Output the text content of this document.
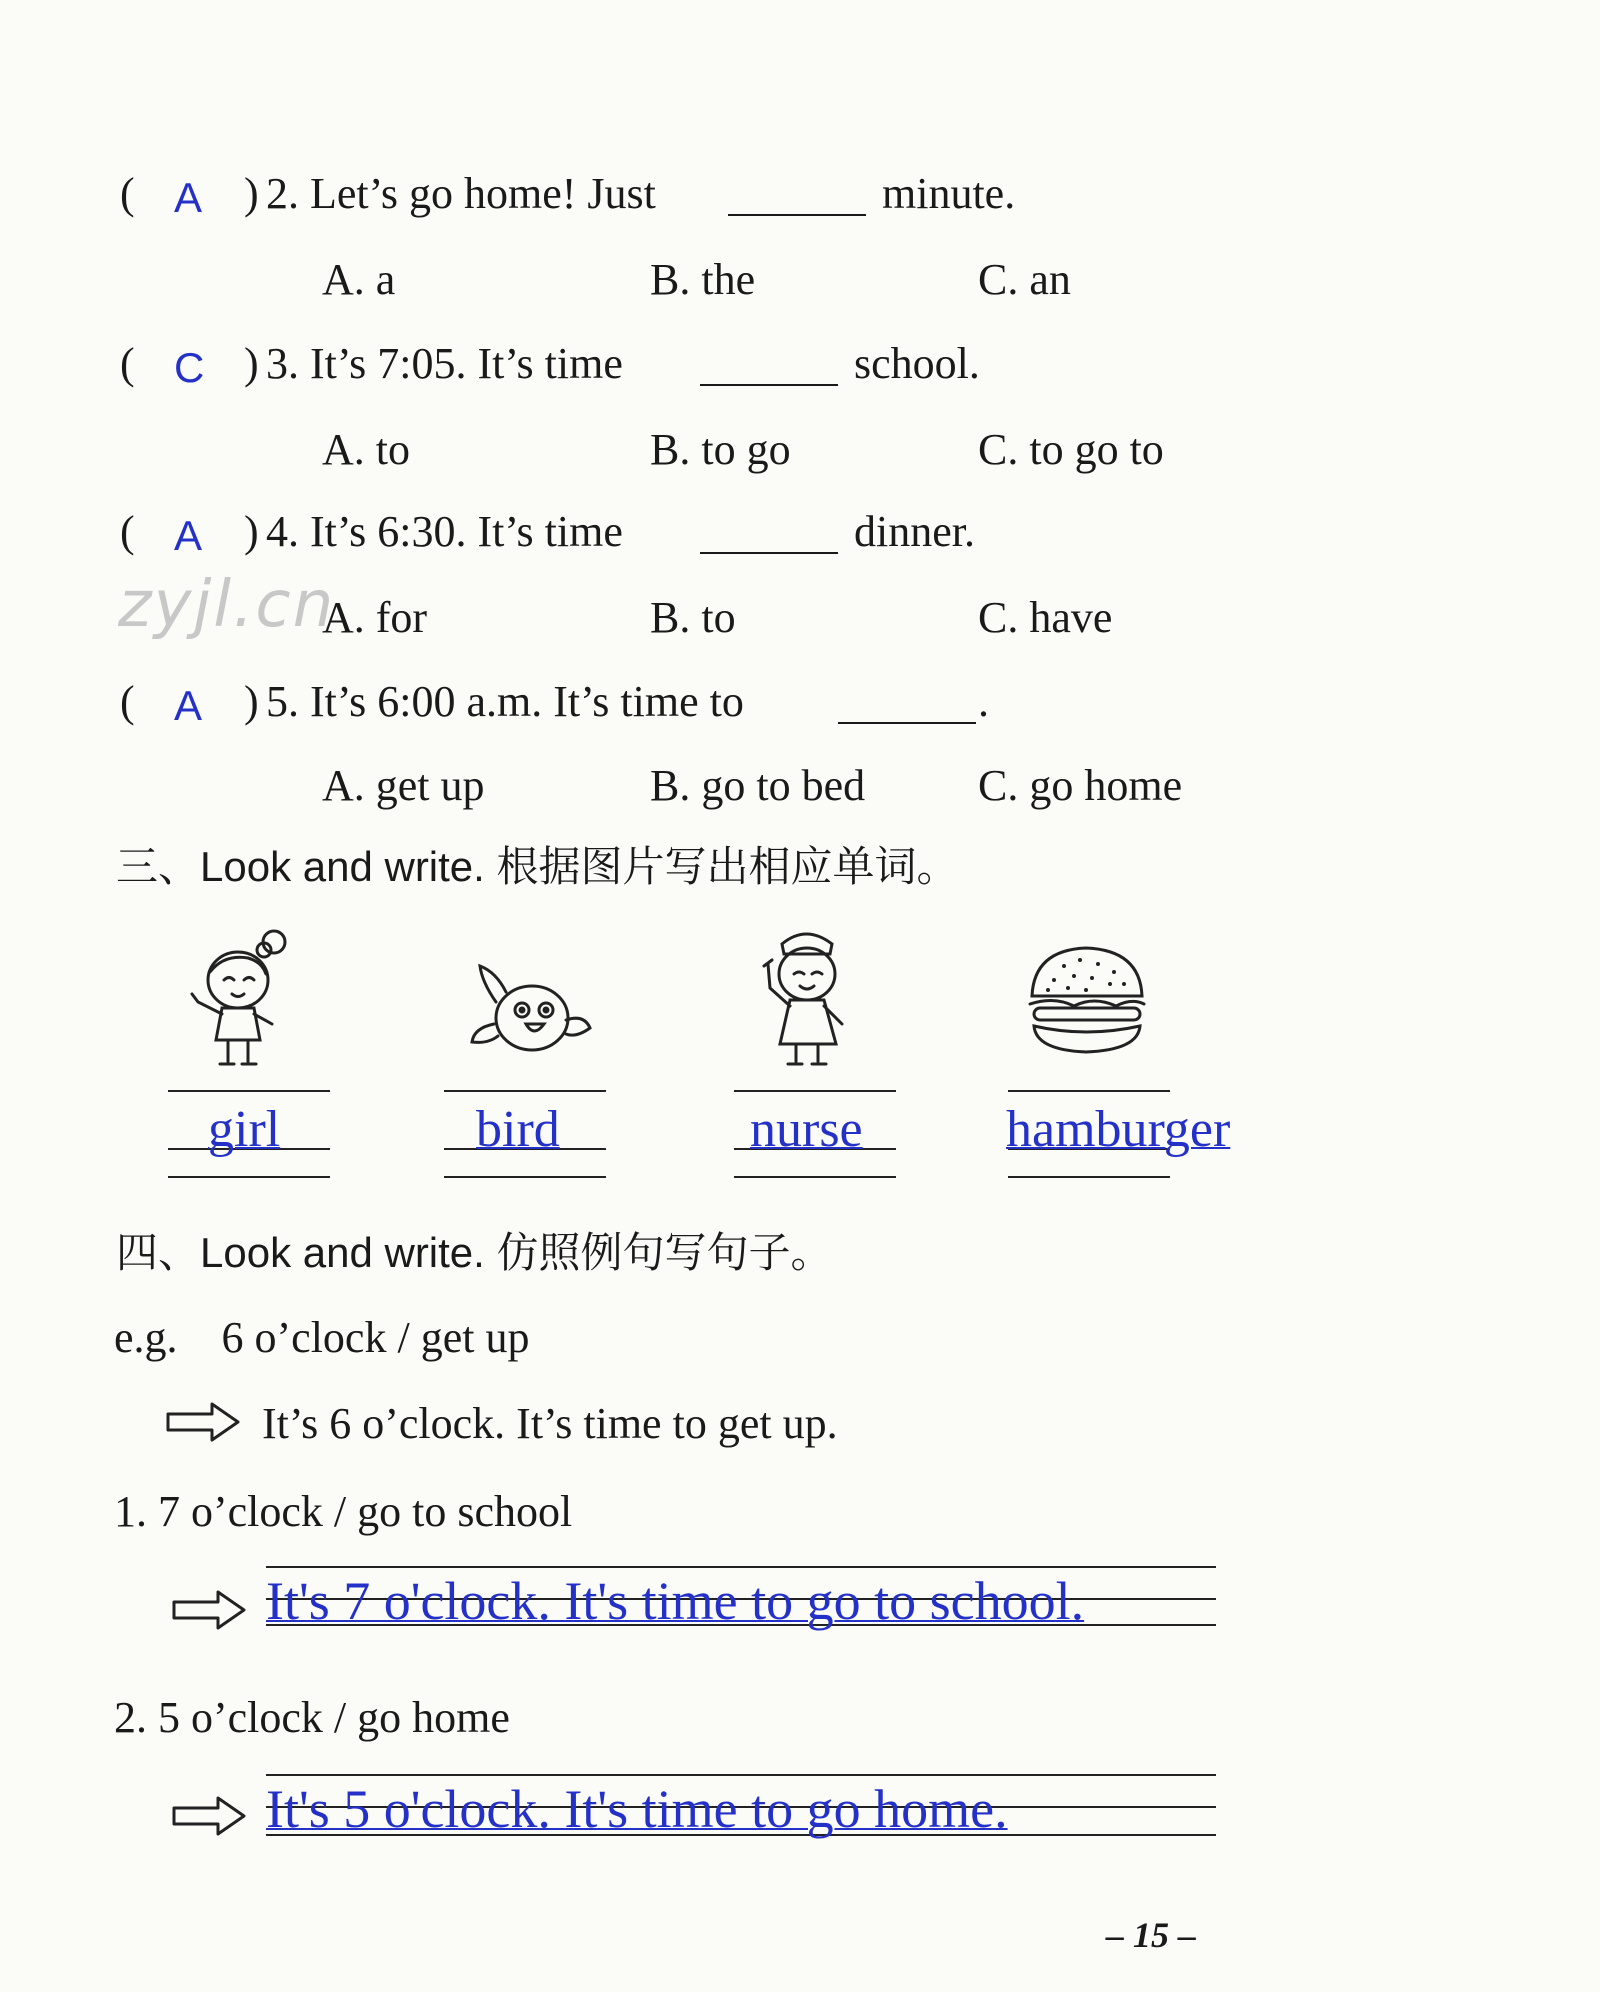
( A ) 2. Let’s go home! Just	minute.
A. a	B. the	C. an
( C ) 3. It’s 7:05. It’s time	school.
A. to	B. to go	C. to go to
( A ) 4. It’s 6:30. It’s time	dinner.
zyjl.cn
A. for	B. to	C. have
( A ) 5. It’s 6:00 a.m. It’s time to	.
A. get up	B. go to bed	C. go home
三、Look and write. 根据图片写出相应单词。
girl	bird	nurse	hamburger
四、Look and write. 仿照例句写句子。
e.g.    6 o’clock / get up
It’s 6 o’clock. It’s time to get up.
1. 7 o’clock / go to school
It's 7 o'clock. It's time to go to school.
2. 5 o’clock / go home
It's 5 o'clock. It's time to go home.
– 15 –
